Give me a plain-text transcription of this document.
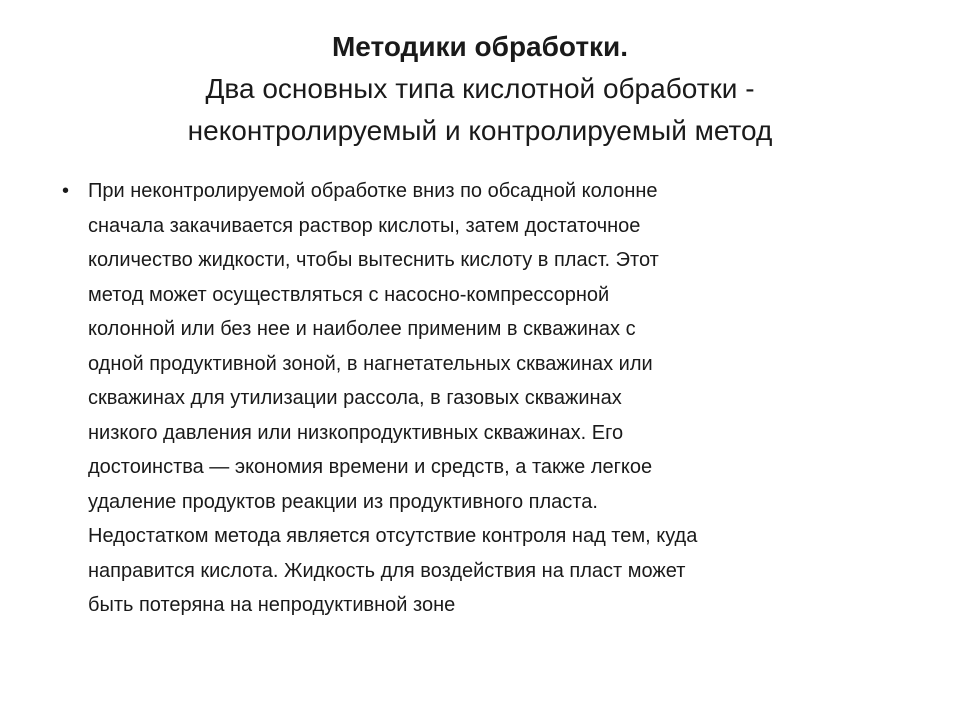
Методики обработки.
Два основных типа кислотной обработки -
неконтролируемый и контролируемый метод
• При неконтролируемой обработке вниз по обсадной колонне
сначала закачивается раствор кислоты, затем достаточное
количество жидкости, чтобы вытеснить кислоту в пласт. Этот
метод может осуществляться с насосно-компрессорной
колонной или без нее и наиболее применим в скважинах с
одной продуктивной зоной, в нагнетательных скважинах или
скважинах для утилизации рассола, в газовых скважинах
низкого давления или низкопродуктивных скважинах. Его
достоинства — экономия времени и средств, а также легкое
удаление продуктов реакции из продуктивного пласта.
Недостатком метода является отсутствие контроля над тем, куда
направится кислота. Жидкость для воздействия на пласт может
быть потеряна на непродуктивной зоне
